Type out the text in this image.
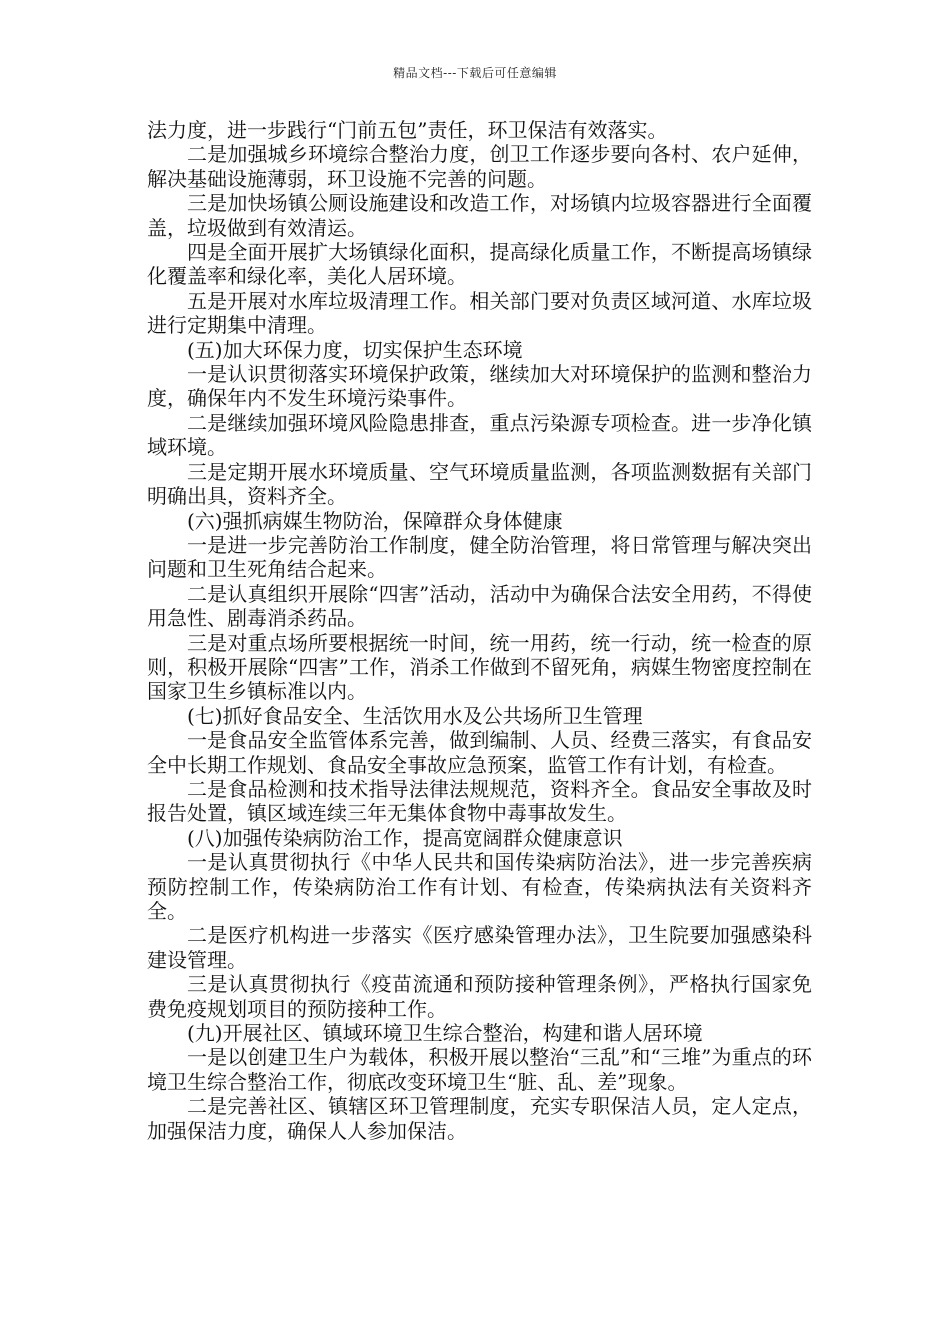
精品文档---下载后可任意编辑

法力度，进一步践行“门前五包”责任，环卫保洁有效落实。

二是加强城乡环境综合整治力度，创卫工作逐步要向各村、农户延伸，解决基础设施薄弱，环卫设施不完善的问题。

三是加快场镇公厕设施建设和改造工作，对场镇内垃圾容器进行全面覆盖，垃圾做到有效清运。

四是全面开展扩大场镇绿化面积，提高绿化质量工作，不断提高场镇绿化覆盖率和绿化率，美化人居环境。

五是开展对水库垃圾清理工作。相关部门要对负责区域河道、水库垃圾进行定期集中清理。

(五)加大环保力度，切实保护生态环境

一是认识贯彻落实环境保护政策，继续加大对环境保护的监测和整治力度，确保年内不发生环境污染事件。

二是继续加强环境风险隐患排查，重点污染源专项检查。进一步净化镇域环境。

三是定期开展水环境质量、空气环境质量监测，各项监测数据有关部门明确出具，资料齐全。

(六)强抓病媒生物防治，保障群众身体健康

一是进一步完善防治工作制度，健全防治管理，将日常管理与解决突出问题和卫生死角结合起来。

二是认真组织开展除“四害”活动，活动中为确保合法安全用药，不得使用急性、剧毒消杀药品。

三是对重点场所要根据统一时间，统一用药，统一行动，统一检查的原则，积极开展除“四害”工作，消杀工作做到不留死角，病媒生物密度控制在国家卫生乡镇标准以内。

(七)抓好食品安全、生活饮用水及公共场所卫生管理

一是食品安全监管体系完善，做到编制、人员、经费三落实，有食品安全中长期工作规划、食品安全事故应急预案，监管工作有计划，有检查。

二是食品检测和技术指导法律法规规范，资料齐全。食品安全事故及时报告处置，镇区域连续三年无集体食物中毒事故发生。

(八)加强传染病防治工作，提高宽阔群众健康意识

一是认真贯彻执行《中华人民共和国传染病防治法》，进一步完善疾病预防控制工作，传染病防治工作有计划、有检查，传染病执法有关资料齐全。

二是医疗机构进一步落实《医疗感染管理办法》，卫生院要加强感染科建设管理。

三是认真贯彻执行《疫苗流通和预防接种管理条例》，严格执行国家免费免疫规划项目的预防接种工作。

(九)开展社区、镇域环境卫生综合整治，构建和谐人居环境

一是以创建卫生户为载体，积极开展以整治“三乱”和“三堆”为重点的环境卫生综合整治工作，彻底改变环境卫生“脏、乱、差”现象。

二是完善社区、镇辖区环卫管理制度，充实专职保洁人员，定人定点，加强保洁力度，确保人人参加保洁。
